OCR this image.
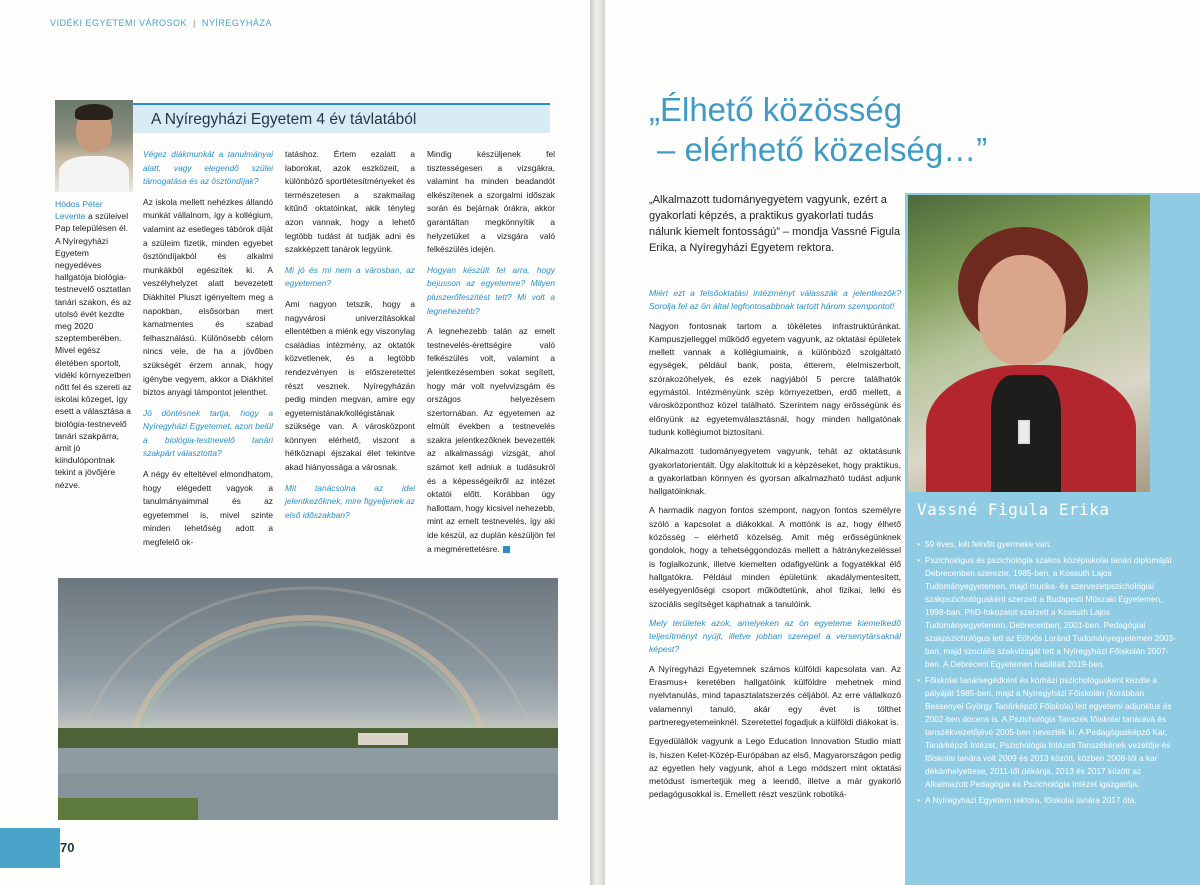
VIDÉKI EGYETEMI VÁROSOK | NYÍREGYHÁZA
A Nyíregyházi Egyetem 4 év távlatából
Hódos Péter Levente a szüleivel Pap településen él. A Nyíregyházi Egyetem negyedéves hallgatója biológia-testnevelő osztatlan tanári szakon, és az utolsó évét kezdte meg 2020 szeptemberében. Mivel egész életében sportolt, vidéki környezetben nőtt fel és szereti az iskolai közeget, így esett a választása a biológia-testnevelő tanári szakpárra, amit jó kiindulópontnak tekint a jövőjére nézve.

Végez diákmunkát a tanulmányai alatt, vagy elegendő szülei támogatása és az ösztöndíjak?

Az iskola mellett nehézkes állandó munkát vállalnom, így a kollégium, valamint az esetleges tábórok díját a szüleim fizetik, minden egyebet ösztöndíjakból és alkalmi munkákból egészítek ki. A veszélyhelyzet alatt bevezetett Diákhitel Pluszt igényeltem meg a napokban, elsősorban mert kamatmentes és szabad felhasználású. Különösebb célom nincs vele, de ha a jövőben szükségét érzem annak, hogy igénybe vegyem, akkor a Diákhitel biztos anyagi támpontot jelenthet.

Jó döntésnek tartja, hogy a Nyíregyházi Egyetemet, azon belül a biológia-testnevelő tanári szakpárt választotta?

A négy év elteltével elmondhatom, hogy elégedett vagyok a tanulmányaimmal és az egyetemmel is, mivel szinte minden lehetőség adott a megfelelő ok-

tatáshoz. Értem ezalatt a laborokat, azok eszközeit, a különböző sportlétesítményeket és természetesen a szakmailag kitűnő oktatóinkat, akik tényleg azon vannak, hogy a lehető legtöbb tudást át tudják adni és szakképzett tanárok legyünk.

Mi jó és mi nem a városban, az egyetemen?

Ami nagyon tetszik, hogy a nagyvárosi univerzitásokkal ellentétben a miénk egy viszonylag családias intézmény, az oktatók közvetlenek, és a legtöbb rendezvényen is előszeretettel részt vesznek. Nyíregyházán pedig minden megvan, amire egy egyetemistának/kollégistának szüksége van. A városközpont könnyen elérhető, viszont a hétköznapi éjszakai élet tekintve akad hiányossága a városnak.

Mit tanácsolna az idei jelentkezőknek, mire figyeljenek az első időszakban?

Mindig készüljenek fel tisztességesen a vizsgákra, valamint ha minden beadandót elkészítenek a szorgalmi időszak során és bejárnak órákra, akkor garantáltan megkönnyítik a helyzetüket a vizsgára való felkészülés idején.

Hogyan készült fel arra, hogy bejusson az egyetemre? Milyen pluszerőfeszítést tett? Mi volt a legnehezebb?

A legnehezebb talán az emelt testnevelés-érettségire való felkészülés volt, valamint a jelentkezésemben sokat segített, hogy már volt nyelvvizsgám és országos helyezésem szertornában. Az egyetemen az elmúlt években a testnevelés szakra jelentkezőknek bevezették az alkalmassági vizsgát, ahol számot kell adniuk a tudásukról és a képességeikről az intézet oktatói előtt. Korábban úgy hallottam, hogy kicsivel nehezebb, mint az emelt testnevelés, így aki ide készül, az duplán készüljön fel a megmérettetésre.

70
„Élhető közösség
– elérhető közelség…”
„Alkalmazott tudományegyetem vagyunk, ezért a gyakorlati képzés, a praktikus gyakorlati tudás nálunk kiemelt fontosságú” – mondja Vassné Figula Erika, a Nyíregyházi Egyetem rektora.

Miért ezt a felsőoktatási intézményt válasszák a jelentkezők? Sorolja fel az ön által legfontosabbnak tartott három szempontot!

Nagyon fontosnak tartom a tökéletes infrastruktúránkat. Kampuszjelleggel működő egyetem vagyunk, az oktatási épületek mellett vannak a kollégiumaink, a különböző szolgáltató egységek, például bank, posta, étterem, élelmiszerbolt, szórakozóhelyek, és ezek nagyjából 5 percre találhatók egymástól. Intézményünk szép környezetben, erdő mellett, a városközponthoz közel található. Szerintem nagy erősségünk és előnyünk az egyetemválasztásnál, hogy minden hallgatónak tudunk kollégiumot biztosítani.

Alkalmazott tudományegyetem vagyunk, tehát az oktatásunk gyakorlatorientált. Úgy alakítottuk ki a képzéseket, hogy praktikus, a gyakorlatban könnyen és gyorsan alkalmazható tudást adjunk hallgatóinknak.

A harmadik nagyon fontos szempont, nagyon fontos személyre szóló a kapcsolat a diákokkal. A mottónk is az, hogy élhető közösség – elérhető közelség. Amit még erősségünknek gondolok, hogy a tehetséggondozás mellett a hátránykezeléssel is foglalkozunk, illetve kiemelten odafigyelünk a fogyatékkal élő hallgatókra. Például minden épületünk akadálymentesített, esélyegyenlőségi csoport működtetünk, ahol fizikai, lelki és szociális segítséget kaphatnak a tanulóink.

Mely területek azok, amelyeken az ön egyeteme kiemelkedő teljesítményt nyújt, illetve jobban szerepel a versenytársaknál képest?

A Nyíregyházi Egyetemnek számos külföldi kapcsolata van. Az Erasmus+ keretében hallgatóink külföldre mehetnek mind nyelvtanulás, mind tapasztalatszerzés céljából. Az erre vállalkozó valamennyi tanuló, akár egy évet is tölthet partneregyetemeinknél. Szeretettel fogadjuk a külföldi diákokat is.

Egyedülállók vagyunk a Lego Education Innovation Studio miatt is, hiszen Kelet-Közép-Európában az első, Magyarországon pedig az egyetlen hely vagyunk, ahol a Lego módszert mint oktatási metódust ismertetjük meg a leendő, illetve a már gyakorló pedagógusokkal is. Emellett részt veszünk robotiká-

Vassné Figula Erika
• 59 éves, két felnőtt gyermeke van.
• Pszichológus és pszichológia szakos középiskolai tanári diplomáját Debrecenben szerezte, 1985-ben, a Kossuth Lajos Tudományegyetemen, majd munka- és szervezetpszichológiai szakpszichológusként szerzett a Budapesti Műszaki Egyetemen, 1998-ban. PhD-fokozatot szerzett a Kossuth Lajos Tudományegyetemen, Debrecenben, 2001-ben. Pedagógiai szakpszichológus lett az Eötvös Loránd Tudományegyetemen 2003-ban, majd szociális szakvizsgát tett a Nyíregyházi Főiskolán 2007-ben. A Debreceni Egyetemen habilitált 2019-ben.
• Főiskolai tanársegédként és kórházi pszichológusként kezdte a pályáját 1985-ben, majd a Nyíregyházi Főiskolán (korábban Bessenyei György Tanárképző Főiskola) lett egyetemi adjunktus és 2002-ben docens is. A Pszichológia Tanszék főiskolai tanárává és tanszékvezetőjévé 2005-ben nevezték ki. A Pedagógusképző Kar, Tanárképző Intézet, Pszichológia Intézeti Tanszékének vezetője és főiskolai tanára volt 2009 és 2013 között, közben 2008-tól a kar dékánhelyettese, 2011-től dékánja, 2013 és 2017 között az Alkalmazott Pedagógia és Pszichológia Intézet igazgatója.
• A Nyíregyházi Egyetem rektora, főiskolai tanára 2017 óta.
